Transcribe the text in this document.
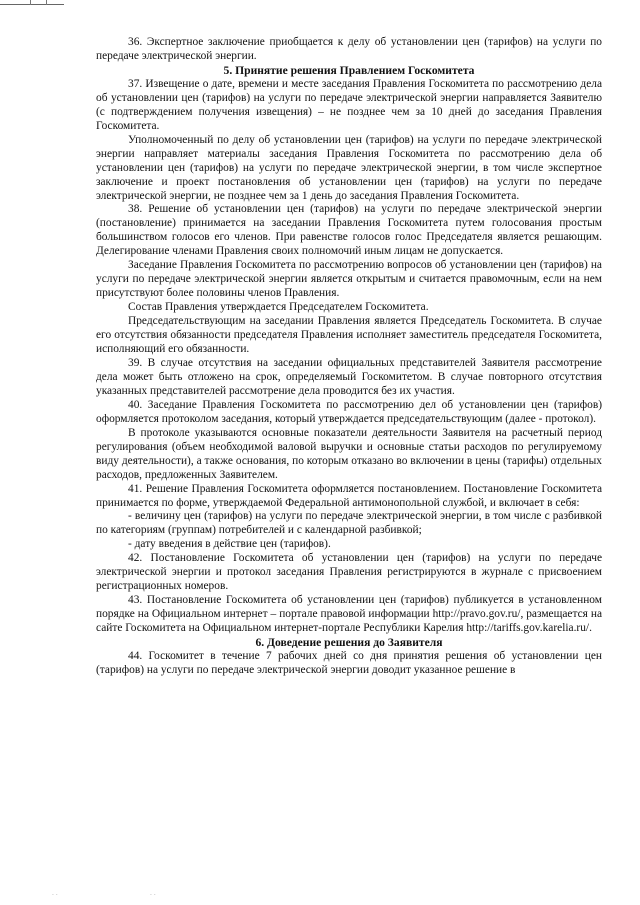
36. Экспертное заключение приобщается к делу об установлении цен (тарифов) на услуги по передаче электрической энергии.

5. Принятие решения Правлением Госкомитета

37. Извещение о дате, времени и месте заседания Правления Госкомитета по рассмотрению дела об установлении цен (тарифов) на услуги по передаче электрической энергии направляется Заявителю (с подтверждением получения извещения) – не позднее чем за 10 дней до заседания Правления Госкомитета.

Уполномоченный по делу об установлении цен (тарифов) на услуги по передаче электрической энергии направляет материалы заседания Правления Госкомитета по рассмотрению дела об установлении цен (тарифов) на услуги по передаче электрической энергии, в том числе экспертное заключение и проект постановления об установлении цен (тарифов) на услуги по передаче электрической энергии, не позднее чем за 1 день до заседания Правления Госкомитета.

38. Решение об установлении цен (тарифов) на услуги по передаче электрической энергии (постановление) принимается на заседании Правления Госкомитета путем голосования простым большинством голосов его членов. При равенстве голосов голос Председателя является решающим. Делегирование членами Правления своих полномочий иным лицам не допускается.

Заседание Правления Госкомитета по рассмотрению вопросов об установлении цен (тарифов) на услуги по передаче электрической энергии является открытым и считается правомочным, если на нем присутствуют более половины членов Правления.

Состав Правления утверждается Председателем Госкомитета.

Председательствующим на заседании Правления является Председатель Госкомитета. В случае его отсутствия обязанности председателя Правления исполняет заместитель председателя Госкомитета, исполняющий его обязанности.

39. В случае отсутствия на заседании официальных представителей Заявителя рассмотрение дела может быть отложено на срок, определяемый Госкомитетом. В случае повторного отсутствия указанных представителей рассмотрение дела проводится без их участия.

40. Заседание Правления Госкомитета по рассмотрению дел об установлении цен (тарифов) оформляется протоколом заседания, который утверждается председательствующим (далее - протокол).

В протоколе указываются основные показатели деятельности Заявителя на расчетный период регулирования (объем необходимой валовой выручки и основные статьи расходов по регулируемому виду деятельности), а также основания, по которым отказано во включении в цены (тарифы) отдельных расходов, предложенных Заявителем.

41. Решение Правления Госкомитета оформляется постановлением. Постановление Госкомитета принимается по форме, утверждаемой Федеральной антимонопольной службой, и включает в себя:

- величину цен (тарифов) на услуги по передаче электрической энергии, в том числе с разбивкой по категориям (группам) потребителей и с календарной разбивкой;

- дату введения в действие цен (тарифов).

42. Постановление Госкомитета об установлении цен (тарифов) на услуги по передаче электрической энергии и протокол заседания Правления регистрируются в журнале с присвоением регистрационных номеров.

43. Постановление Госкомитета об установлении цен (тарифов) публикуется в установленном порядке на Официальном интернет – портале правовой информации http://pravo.gov.ru/, размещается на сайте Госкомитета на Официальном интернет-портале Республики Карелия http://tariffs.gov.karelia.ru/.

6. Доведение решения до Заявителя

44. Госкомитет в течение 7 рабочих дней со дня принятия решения об установлении цен (тарифов) на услуги по передаче электрической энергии доводит указанное решение в

· ·	· ·
